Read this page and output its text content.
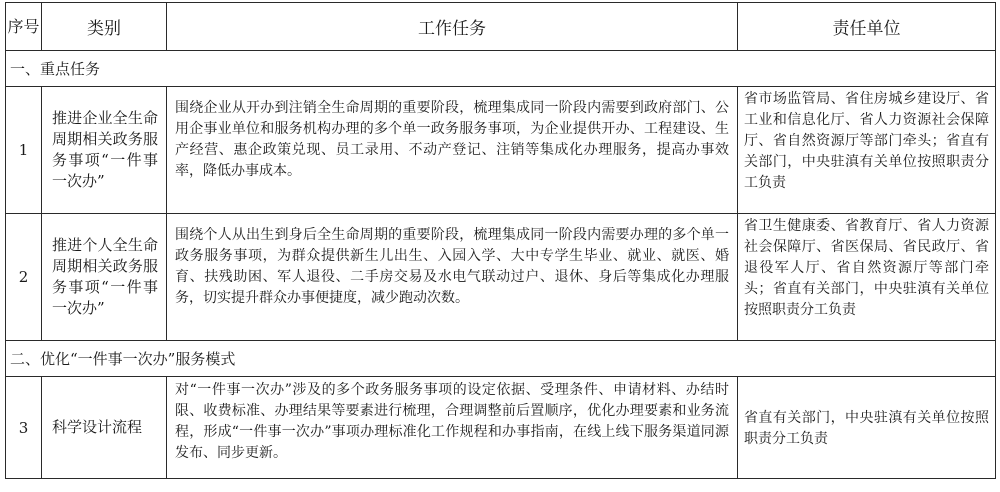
序号	类别	工作任务	责任单位
一、重点任务			
1	推进企业全生命周期相关政务服务事项“一件事一次办”	围绕企业从开办到注销全生命周期的重要阶段，梳理集成同一阶段内需要到政府部门、公用企事业单位和服务机构办理的多个单一政务服务事项，为企业提供开办、工程建设、生产经营、惠企政策兑现、员工录用、不动产登记、注销等集成化办理服务，提高办事效率，降低办事成本。	省市场监管局、省住房城乡建设厅、省工业和信息化厅、省人力资源社会保障厅、省自然资源厅等部门牵头；省直有关部门，中央驻滇有关单位按照职责分工负责

2	推进个人全生命周期相关政务服务事项“一件事一次办”	围绕个人从出生到身后全生命周期的重要阶段，梳理集成同一阶段内需要办理的多个单一政务服务事项，为群众提供新生儿出生、入园入学、大中专学生毕业、就业、就医、婚育、扶残助困、军人退役、二手房交易及水电气联动过户、退休、身后等集成化办理服务，切实提升群众办事便捷度，减少跑动次数。	省卫生健康委、省教育厅、省人力资源社会保障厅、省医保局、省民政厅、省退役军人厅、省自然资源厅等部门牵头；省直有关部门，中央驻滇有关单位按照职责分工负责

二、优化“一件事一次办”服务模式			
3	科学设计流程	对“一件事一次办”涉及的多个政务服务事项的设定依据、受理条件、申请材料、办结时限、收费标准、办理结果等要素进行梳理，合理调整前后置顺序，优化办理要素和业务流程，形成“一件事一次办”事项办理标准化工作规程和办事指南，在线上线下服务渠道同源发布、同步更新。	省直有关部门，中央驻滇有关单位按照职责分工负责
